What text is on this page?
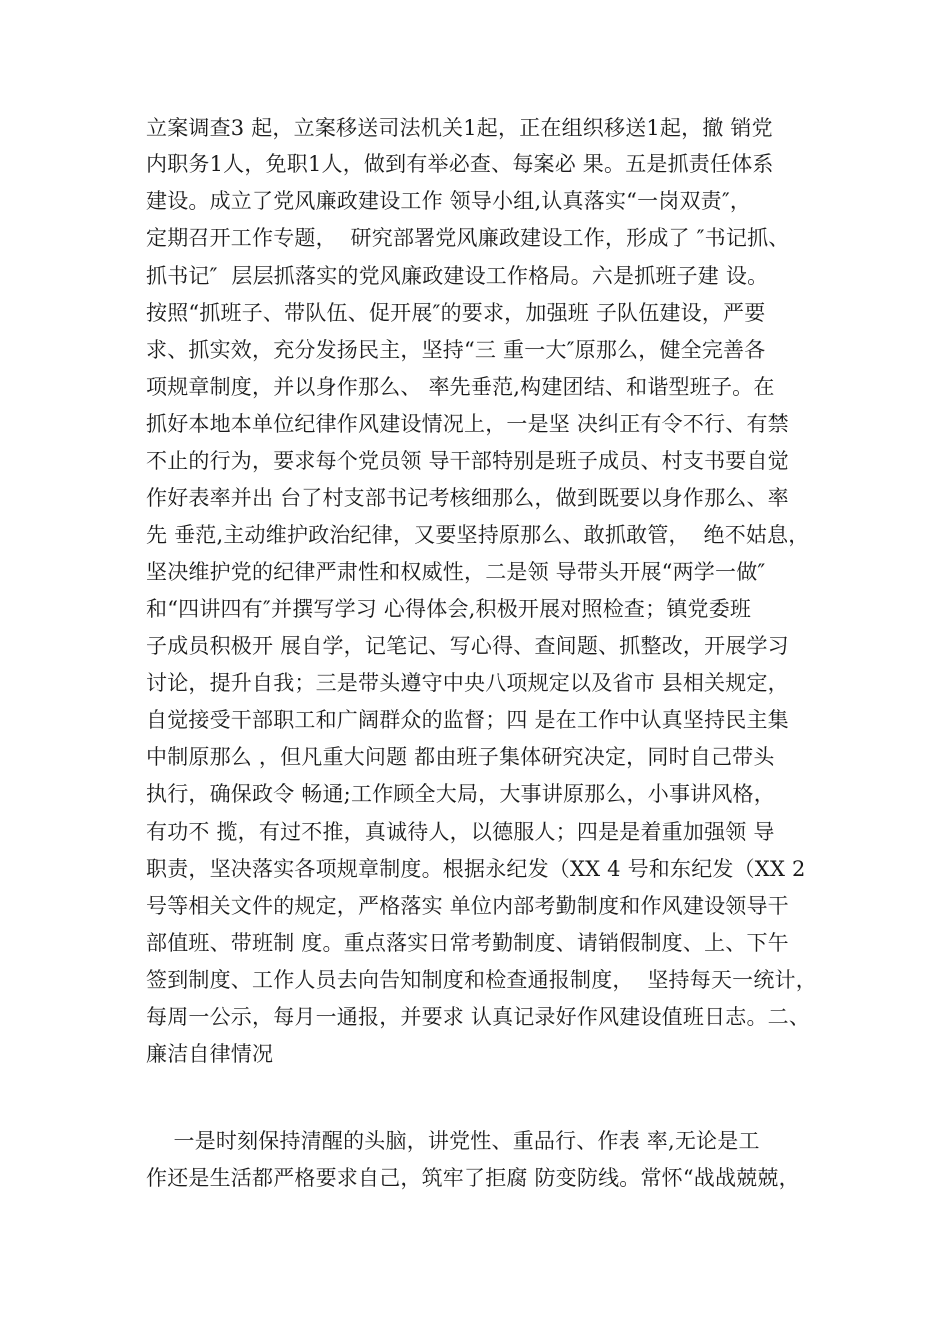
立案调查3 起，立案移送司法机关1起，正在组织移送1起，撤 销党
内职务1人，免职1人，做到有举必查、每案必 果。五是抓责任体系
建设。成立了党风廉政建设工作 领导小组,认真落实“一岗双责″，
定期召开工作专题，  研究部署党风廉政建设工作，形成了 ″书记抓、
抓书记″  层层抓落实的党风廉政建设工作格局。六是抓班子建 设。
按照“抓班子、带队伍、促开展″的要求，加强班 子队伍建设，严要
求、抓实效，充分发扬民主，坚持“三 重一大″原那么，健全完善各
项规章制度，并以身作那么、 率先垂范,构建团结、和谐型班子。在
抓好本地本单位纪律作风建设情况上，一是坚 决纠正有令不行、有禁
不止的行为，要求每个党员领 导干部特别是班子成员、村支书要自觉
作好表率并出 台了村支部书记考核细那么，做到既要以身作那么、率
先 垂范,主动维护政治纪律，又要坚持原那么、敢抓敢管，  绝不姑息，
坚决维护党的纪律严肃性和权威性，二是领 导带头开展“两学一做″
和“四讲四有″并撰写学习 心得体会,积极开展对照检查；镇党委班
子成员积极开 展自学，记笔记、写心得、查间题、抓整改，开展学习
讨论，提升自我；三是带头遵守中央八项规定以及省市 县相关规定，
自觉接受干部职工和广阔群众的监督；四 是在工作中认真坚持民主集
中制原那么 ，但凡重大问题 都由班子集体研究决定，同时自己带头
执行，确保政令 畅通;工作顾全大局，大事讲原那么，小事讲风格，
有功不 揽，有过不推，真诚待人，以德服人；四是是着重加强领 导
职责，坚决落实各项规章制度。根据永纪发（XX 4 号和东纪发（XX 2
号等相关文件的规定，严格落实 单位内部考勤制度和作风建设领导干
部值班、带班制 度。重点落实日常考勤制度、请销假制度、上、下午
签到制度、工作人员去向告知制度和检查通报制度，  坚持每天一统计，
每周一公示，每月一通报，并要求 认真记录好作风建设值班日志。二、
廉洁自律情况
一是时刻保持清醒的头脑，讲党性、重品行、作表 率,无论是工
作还是生活都严格要求自己，筑牢了拒腐 防变防线。常怀“战战兢兢，
